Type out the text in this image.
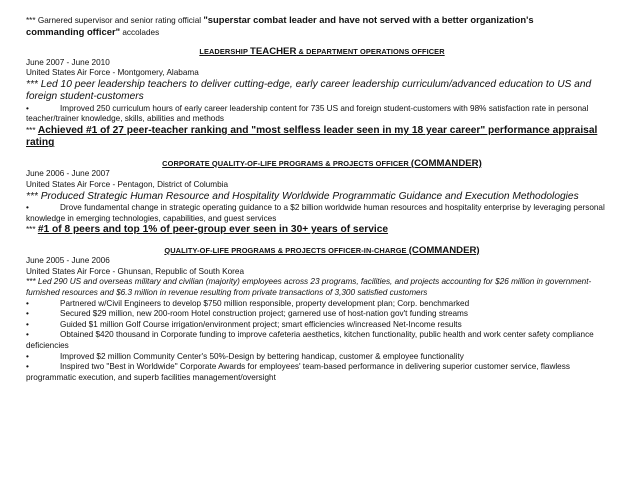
*** Garnered supervisor and senior rating official "superstar combat leader and have not served with a better organization's
commanding officer" accolades
LEADERSHIP TEACHER & DEPARTMENT OPERATIONS OFFICER
June 2007 - June 2010
United States Air Force - Montgomery, Alabama
*** Led 10 peer leadership teachers to deliver cutting-edge, early career leadership curriculum/advanced education to US and
foreign student-customers
•	Improved 250 curriculum hours of early career leadership content for 735 US and foreign student-customers with 98% satisfaction rate in personal teacher/trainer knowledge, skills, abilities and methods
*** Achieved #1 of 27 peer-teacher ranking and "most selfless leader seen in my 18 year career" performance appraisal
rating
CORPORATE QUALITY-OF-LIFE PROGRAMS & PROJECTS OFFICER (COMMANDER)
June 2006 - June 2007
United States Air Force - Pentagon, District of Columbia
*** Produced Strategic Human Resource and Hospitality Worldwide Programmatic Guidance and Execution Methodologies
•	Drove fundamental change in strategic operating guidance to a $2 billion worldwide human resources and hospitality enterprise by leveraging personal knowledge in emerging technologies, capabilities, and guest services
*** #1 of 8 peers and top 1% of peer-group ever seen in 30+ years of service
QUALITY-OF-LIFE PROGRAMS & PROJECTS OFFICER-IN-CHARGE (COMMANDER)
June 2005 - June 2006
United States Air Force - Ghunsan, Republic of South Korea
*** Led 290 US and overseas military and civilian (majority) employees across 23 programs, facilities, and projects accounting for $26 million in government-furnished resources and $6.3 million in revenue resulting from private transactions of 3,300 satisfied customers
•	Partnered w/Civil Engineers to develop $750 million responsible, property development plan; Corp. benchmarked
•	Secured $29 million, new 200-room Hotel construction project; garnered use of host-nation gov't funding streams
•	Guided $1 million Golf Course irrigation/environment project; smart efficiencies w/increased Net-Income results
•	Obtained $420 thousand in Corporate funding to improve cafeteria aesthetics, kitchen functionality, public health and work center safety compliance deficiencies
•	Improved $2 million Community Center's 50%-Design by bettering handicap, customer & employee functionality
•	Inspired two "Best in Worldwide" Corporate Awards for employees' team-based performance in delivering superior customer service, flawless programmatic execution, and superb facilities management/oversight
